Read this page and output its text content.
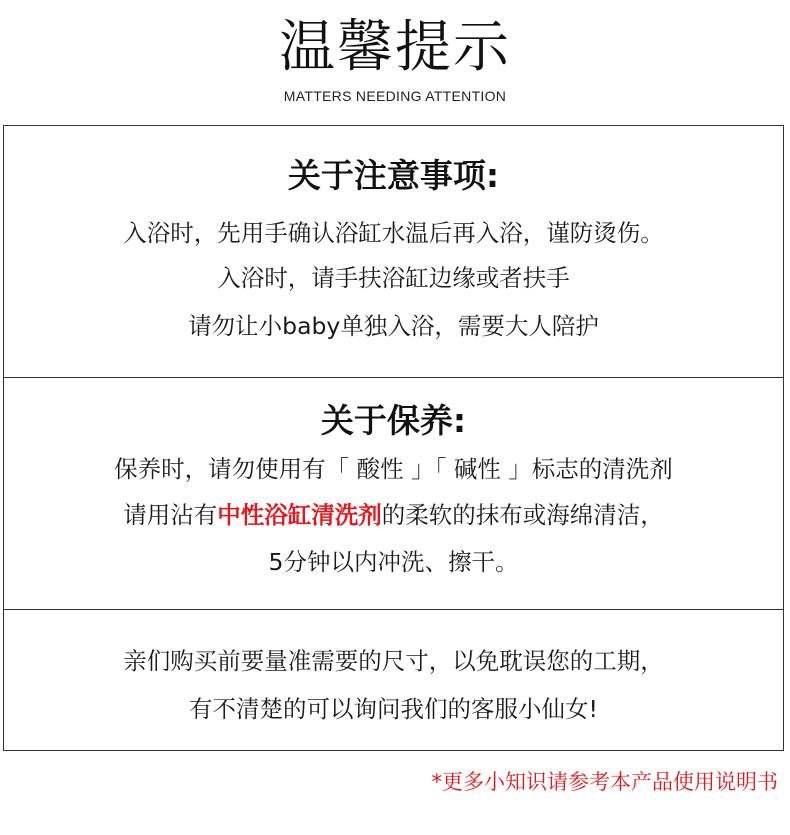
温馨提示
MATTERS NEEDING ATTENTION
关于注意事项:
入浴时，先用手确认浴缸水温后再入浴，谨防烫伤。
入浴时，请手扶浴缸边缘或者扶手
请勿让小baby单独入浴，需要大人陪护
关于保养:
保养时，请勿使用有「 酸性 」「 碱性 」标志的清洗剂
请用沾有中性浴缸清洗剂的柔软的抹布或海绵清洁，
5分钟以内冲洗、擦干。
亲们购买前要量准需要的尺寸，以免耽误您的工期，
有不清楚的可以询问我们的客服小仙女!
*更多小知识请参考本产品使用说明书
